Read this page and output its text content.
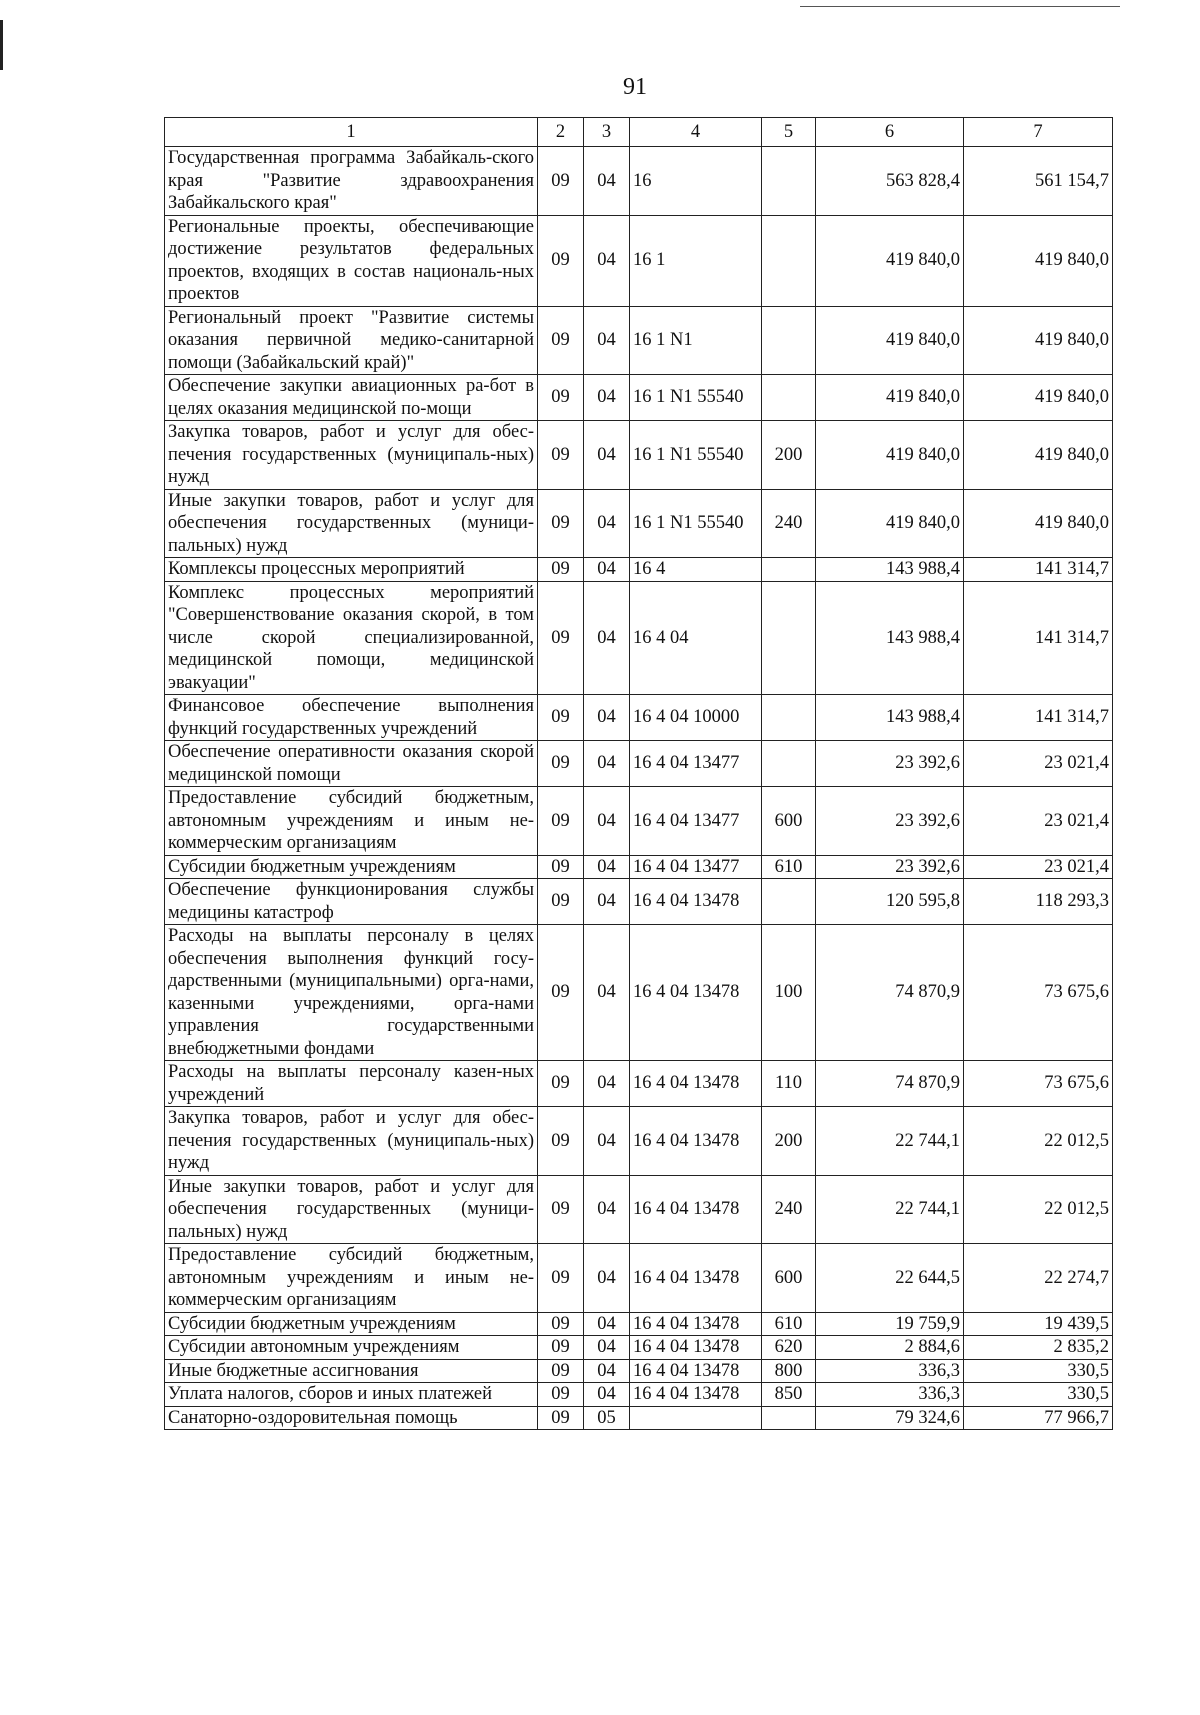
91
1	2	3	4	5	6	7
Государственная программа Забайкаль-ского края "Развитие здравоохранения Забайкальского края"	09	04	16		563 828,4	561 154,7
Региональные проекты, обеспечивающие достижение результатов федеральных проектов, входящих в состав националь-ных проектов	09	04	16 1		419 840,0	419 840,0
Региональный проект "Развитие системы оказания первичной медико-санитарной помощи (Забайкальский край)"	09	04	16 1 N1		419 840,0	419 840,0
Обеспечение закупки авиационных ра-бот в целях оказания медицинской по-мощи	09	04	16 1 N1 55540		419 840,0	419 840,0
Закупка товаров, работ и услуг для обес-печения государственных (муниципаль-ных) нужд	09	04	16 1 N1 55540	200	419 840,0	419 840,0
Иные закупки товаров, работ и услуг для обеспечения государственных (муници-пальных) нужд	09	04	16 1 N1 55540	240	419 840,0	419 840,0
Комплексы процессных мероприятий	09	04	16 4		143 988,4	141 314,7
Комплекс процессных мероприятий "Совершенствование оказания скорой, в том числе скорой специализированной, медицинской помощи, медицинской эвакуации"	09	04	16 4 04		143 988,4	141 314,7
Финансовое обеспечение выполнения функций государственных учреждений	09	04	16 4 04 10000		143 988,4	141 314,7
Обеспечение оперативности оказания скорой медицинской помощи	09	04	16 4 04 13477		23 392,6	23 021,4
Предоставление субсидий бюджетным, автономным учреждениям и иным не-коммерческим организациям	09	04	16 4 04 13477	600	23 392,6	23 021,4
Субсидии бюджетным учреждениям	09	04	16 4 04 13477	610	23 392,6	23 021,4
Обеспечение функционирования службы медицины катастроф	09	04	16 4 04 13478		120 595,8	118 293,3
Расходы на выплаты персоналу в целях обеспечения выполнения функций госу-дарственными (муниципальными) орга-нами, казенными учреждениями, орга-нами управления государственными внебюджетными фондами	09	04	16 4 04 13478	100	74 870,9	73 675,6
Расходы на выплаты персоналу казен-ных учреждений	09	04	16 4 04 13478	110	74 870,9	73 675,6
Закупка товаров, работ и услуг для обес-печения государственных (муниципаль-ных) нужд	09	04	16 4 04 13478	200	22 744,1	22 012,5
Иные закупки товаров, работ и услуг для обеспечения государственных (муници-пальных) нужд	09	04	16 4 04 13478	240	22 744,1	22 012,5
Предоставление субсидий бюджетным, автономным учреждениям и иным не-коммерческим организациям	09	04	16 4 04 13478	600	22 644,5	22 274,7
Субсидии бюджетным учреждениям	09	04	16 4 04 13478	610	19 759,9	19 439,5
Субсидии автономным учреждениям	09	04	16 4 04 13478	620	2 884,6	2 835,2
Иные бюджетные ассигнования	09	04	16 4 04 13478	800	336,3	330,5
Уплата налогов, сборов и иных платежей	09	04	16 4 04 13478	850	336,3	330,5
Санаторно-оздоровительная помощь	09	05			79 324,6	77 966,7
